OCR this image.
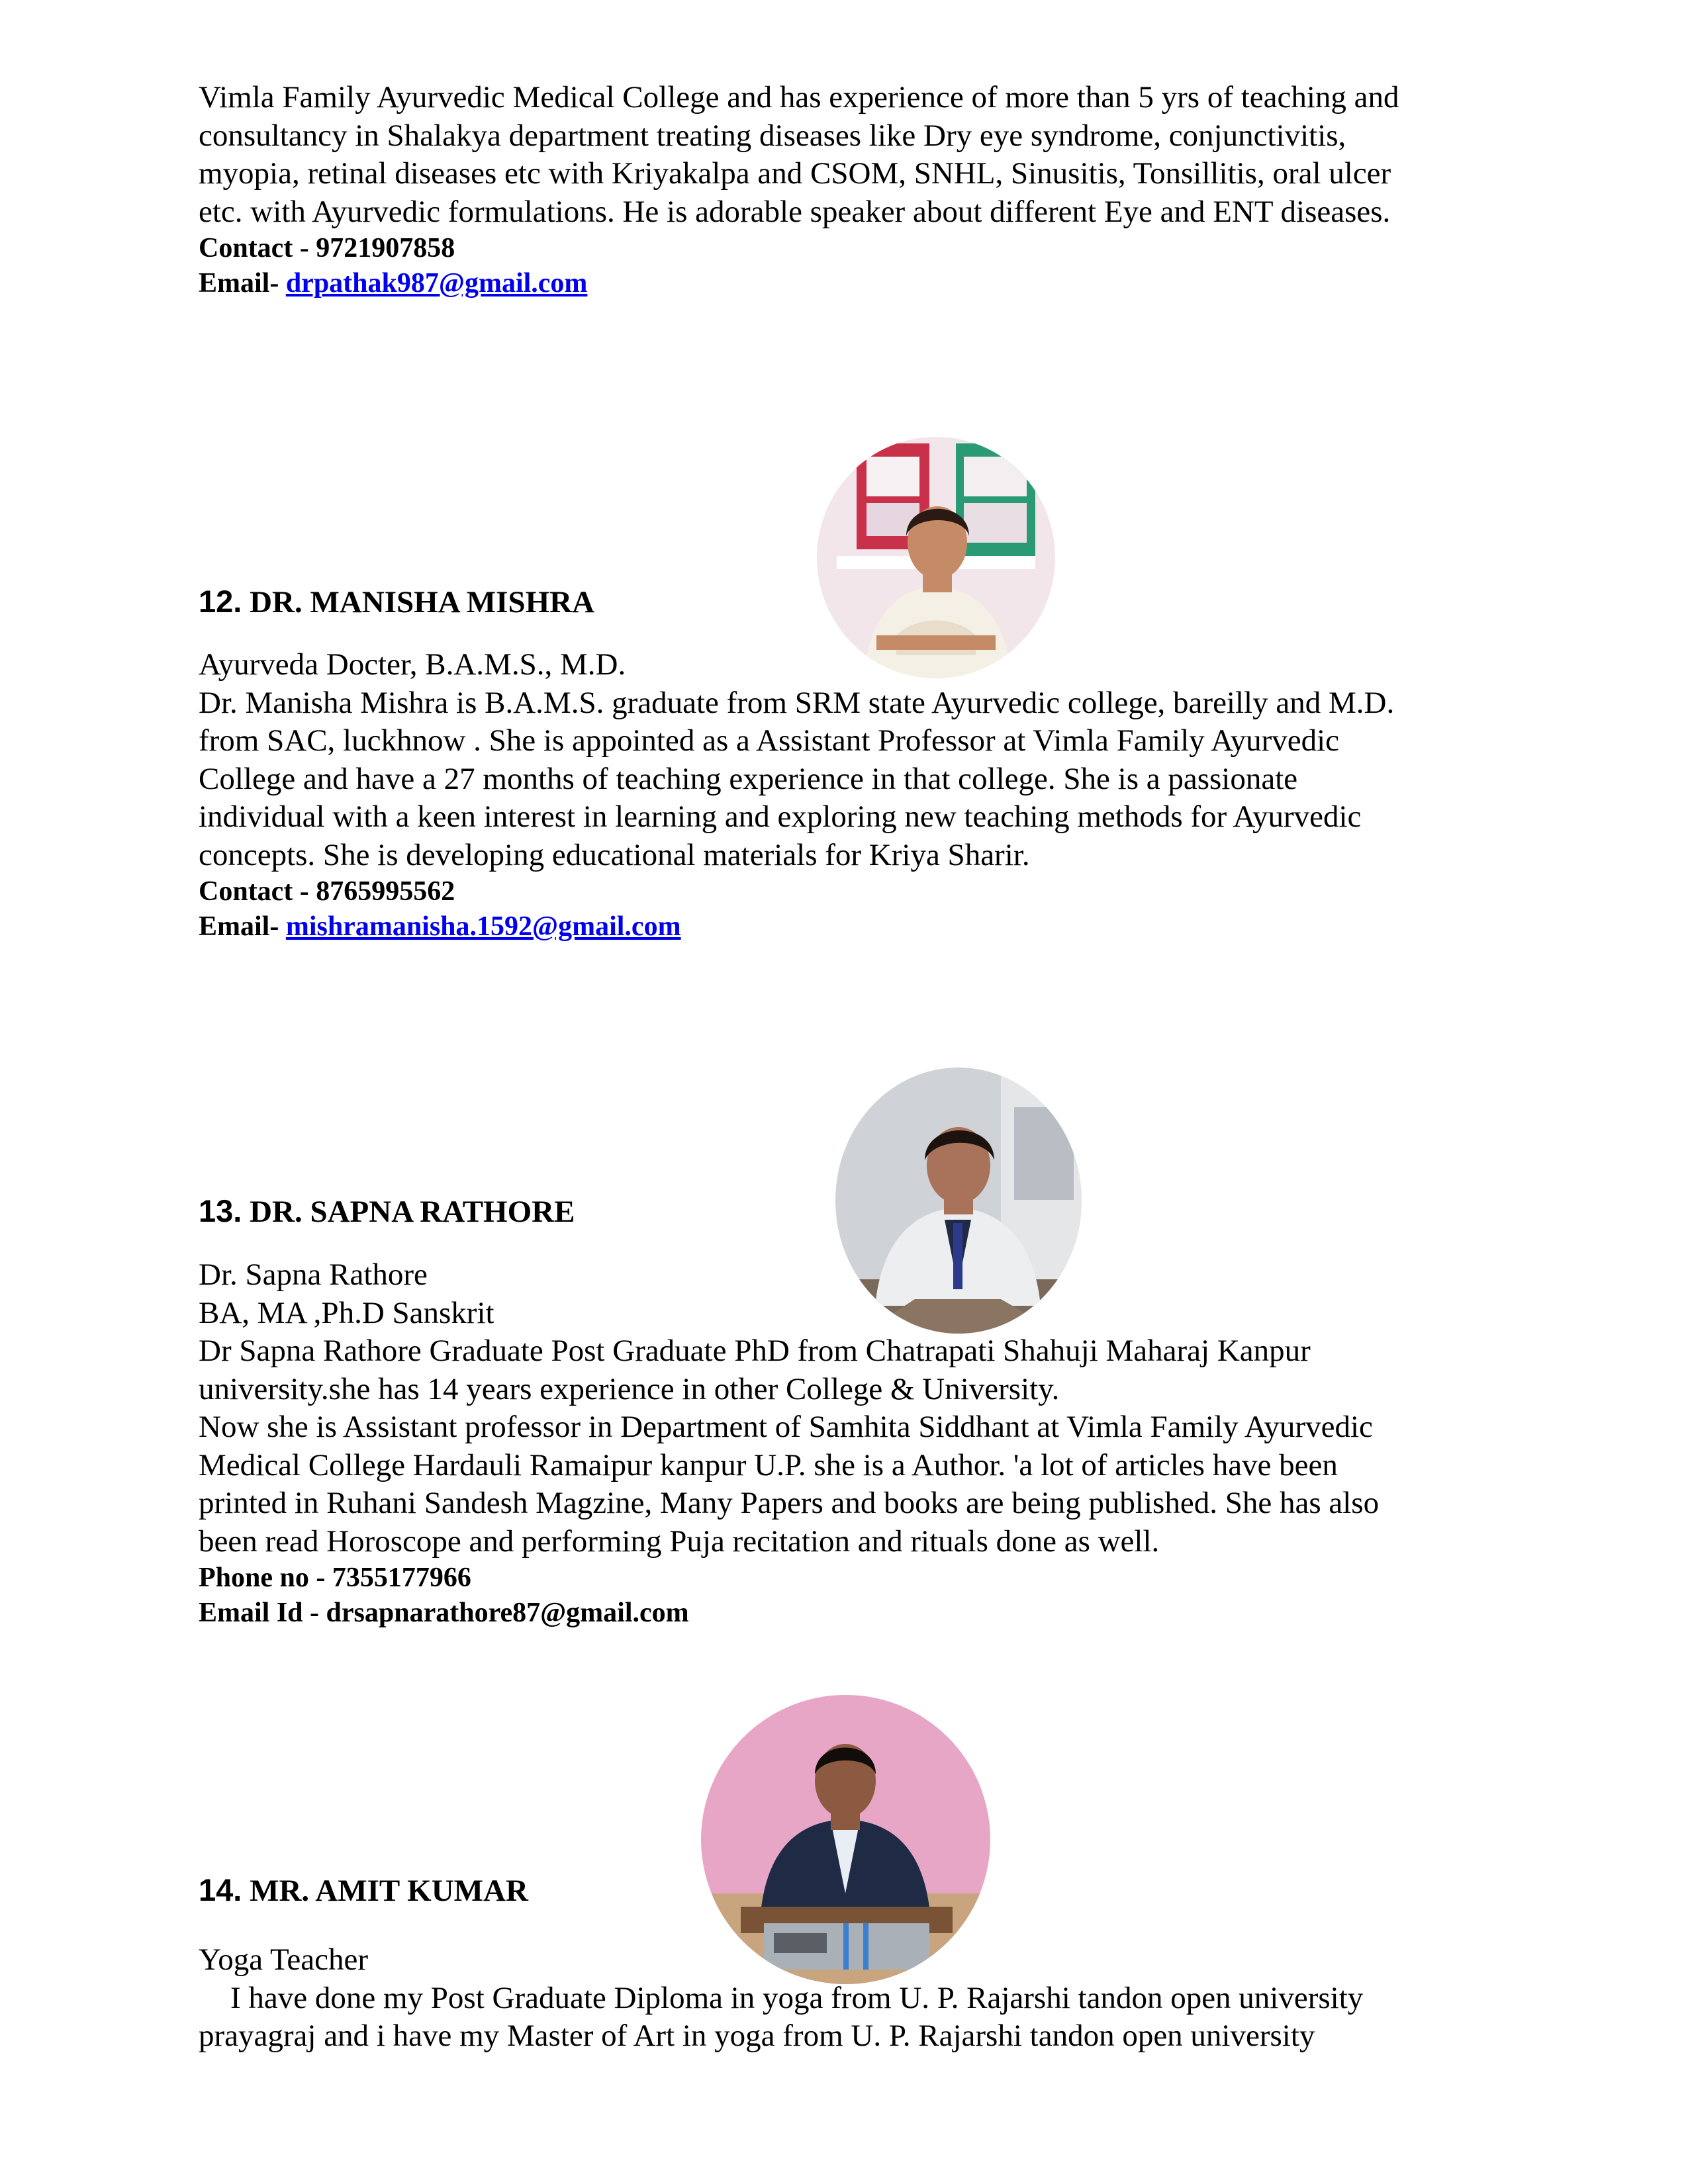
Vimla Family Ayurvedic Medical College and has experience of more than 5 yrs of teaching and

consultancy in Shalakya department treating diseases like Dry eye syndrome, conjunctivitis,

myopia, retinal diseases etc with Kriyakalpa and CSOM, SNHL, Sinusitis, Tonsillitis, oral ulcer

etc. with Ayurvedic formulations. He is adorable speaker about different Eye and ENT diseases.

Contact - 9721907858

Email- drpathak987@gmail.com

12. DR. MANISHA MISHRA

Ayurveda Docter, B.A.M.S., M.D.

Dr. Manisha Mishra is B.A.M.S. graduate from SRM state Ayurvedic college, bareilly and M.D.

from SAC, luckhnow . She is appointed as a Assistant Professor at Vimla Family Ayurvedic

College and have a 27 months of teaching experience in that college. She is a passionate

individual with a keen interest in learning and exploring new teaching methods for Ayurvedic

concepts. She is developing educational materials for Kriya Sharir.

Contact - 8765995562

Email- mishramanisha.1592@gmail.com

13. DR. SAPNA RATHORE

Dr. Sapna Rathore

BA, MA ,Ph.D Sanskrit

Dr Sapna Rathore Graduate Post Graduate PhD from Chatrapati Shahuji Maharaj Kanpur

university.she has 14 years experience in other College & University.

Now she is Assistant professor in Department of Samhita Siddhant at Vimla Family Ayurvedic

Medical College Hardauli Ramaipur kanpur U.P. she is a Author. 'a lot of articles have been

printed in Ruhani Sandesh Magzine, Many Papers and books are being published. She has also

been read Horoscope and performing Puja recitation and rituals done as well.

Phone no - 7355177966

Email Id - drsapnarathore87@gmail.com

14. MR. AMIT KUMAR

Yoga Teacher

I have done my Post Graduate Diploma in yoga from U. P. Rajarshi tandon open university

prayagraj and i have my Master of Art in yoga from U. P. Rajarshi tandon open university
